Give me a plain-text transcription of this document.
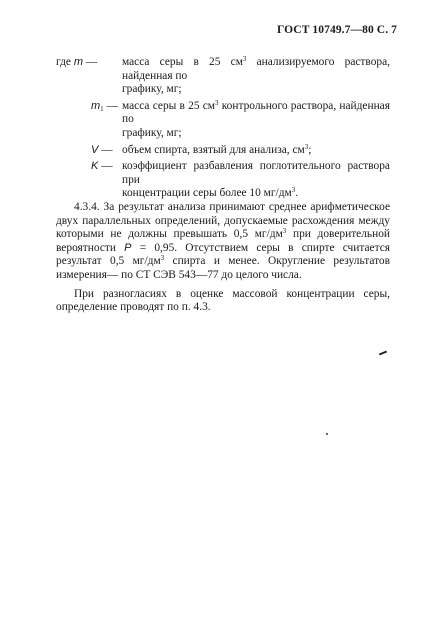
ГОСТ 10749.7—80 С. 7
где m —	масса серы в 25 $см^3$ анализируемого раствора, найденная по
графику, мг;
$m_1$ — масса серы в 25 $см^3$ контрольного раствора, найденная по
графику, мг;
V — объем спирта, взятый для анализа, $см^3$;
K — коэффициент разбавления поглотительного раствора при
концентрации серы более 10 $мг/дм^3$.

4.3.4. За результат анализа принимают среднее арифметическое двух параллельных определений, допускаемые расхождения между которыми не должны превышать 0,5 $мг/дм^3$ при доверительной вероятности P = 0,95. Отсутствием серы в спирте считается результат 0,5 $мг/дм^3$ спирта и менее. Округление результатов измерения— по СТ СЭВ 543—77 до целого числа.

При разногласиях в оценке массовой концентрации серы, определение проводят по п. 4.3.
